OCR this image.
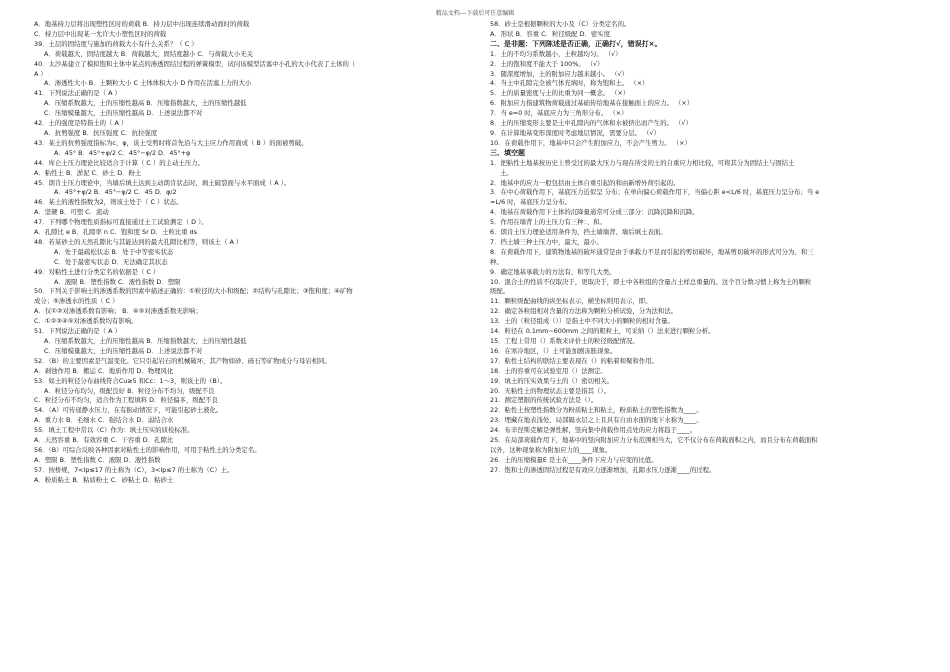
精品文档---下载后可任意编辑
A．地基持力层将出现塑性区时的荷载 B．持力层中出现连续滑动面时的荷载
C．持力层中出现某一允许大小塑性区时的荷载
39．土层的固结度与施加的荷载大小有什么关系？（ C ）
A．荷载越大，固结度越大 B．荷载越大，固结度越小 C．与荷载大小无关
40．太沙基建立了模拟饱和土体中某点的渗透固结过程的弹簧模型，试问该模型活塞中小孔的大小代表了土体的（
A ）
A．渗透性大小 B．土颗粒大小 C 土体体积大小 D 作用在活塞上力的大小
41．下列说法正确的是（ A ）
A．压缩系数越大，土的压缩性越高 B．压缩指数越大，土的压缩性越低
C．压缩模量越大，土的压缩性越高 D．上述说法都不对
42．土的强度是特指土的（ A ）
A．抗剪强度 B．抗压强度 C．抗拉强度
43．某土的抗剪强度指标为c、φ，该土受剪时将首先沿与大主应力作用面成（ B ）的面被剪破。
A．45° B．45°+φ/2 C．45°−φ/2 D．45°+φ
44．库仑土压力理论比较适合于计算（ C ）的主动土压力。
A．粘性土 B．淤泥 C．砂土 D．粉土
45．朗肯土压力理论中，当墙后填土达到主动朗肯状态时，填土破裂面与水平面成（ A ）。
A．45°+φ/2 B．45°−φ/2 C．45 D．φ/2
46．某土的液性指数为2，则该土处于（ C ）状态。
A．坚硬 B．可塑 C．流动
47．下列哪个物理性质指标可直接通过土工试验测定（ D ）。
A．孔隙比 e B．孔隙率 n C．饱和度 Sr D．土粒比重 ds
48．若某砂土的天然孔隙比与其能达到的最大孔隙比相等，则该土（ A ）
A．处于最疏松状态 B．处于中等密实状态
C．处于最密实状态 D．无法确定其状态
49．对粘性土进行分类定名的依据是（ C ）
A．液限 B．塑性指数 C．液性指数 D．塑限
50．下列关于影响土的渗透系数的因素中描述正确的：①粒径的大小和级配；②结构与孔隙比；③饱和度；④矿物
成分；⑤渗透水的性质（ C ）
A．仅①②对渗透系数有影响； B．④⑤对渗透系数无影响；
C．①②③④⑤对渗透系数均有影响。
51．下列说法正确的是（ A ）
A．压缩系数越大，土的压缩性越高 B．压缩指数越大，土的压缩性越低
C．压缩模量越大，土的压缩性越高 D．上述说法都不对
52．（B）的主要因素是气温变化。它只引起岩石的机械破坏，其产物如砂、砾石等矿物成分与母岩相同。
A．剥蚀作用 B．搬运 C．地质作用 D．物理风化
53．如土的粒径分布曲线符合Cu≥5 和Cc：1～3，则该土的（B）。
A．粒径分布均匀，级配良好 B．粒径分布不均匀，级配不良
C．粒径分布不均匀，适合作为工程填料 D．粒径偏多，级配不良
54．（A）可传递静水压力，在有振动情况下，可能引起砂土液化。
A．重力水 B．毛细水 C．强结合水 D．弱结合水
55．填土工程中常以（C）作为：填土压实的质检标准。
A．天然容重 B．有效容重 C．干容重 D．孔隙比
56．（B）可综合反映各种因素对粘性土的影响作用，可用于粘性土的分类定名。
A．塑限 B．塑性指数 C．液限 D．液性指数
57．按桥规，7<Ip≤17 的土称为（C），3<Ip≤7 的土称为（C）土。
A．粉质粘土 B．粘质粉土 C．砂粘土 D．粘砂土
58．砂土是根据颗粒的大小及（C）分类定名的。
A．形状 B．容重 C．粒径级配 D．密实度
二、是非题：下列陈述是否正确，正确打√，错误打×。
1．土的不均匀系数越小，土粒越均匀。 （√）
2．土的饱和度不能大于 100%。 （√）
3．随深度增加，土的附加应力越来越小。 （√）
4．当土中孔隙完全被气体充填时，称为饱和土。 （×）
5．土的质量密度与土的比重为同一概念。 （×）
6．附加应力指建筑物荷载通过基础传给地基在接触面上的应力。 （×）
7．当 e=0 时，基底应力为三角形分布。 （×）
8．土的压缩变形主要是土中孔隙内的气体和水被挤出而产生的。 （√）
9．在计算地基变形深度时考虑地层情况，需要分层。 （√）
10．在荷载作用下，地基中只会产生附加应力，不会产生剪力。 （×）
三、填空题
1．把粘性土地基按历史上曾受过的最大压力与现在所受的土的自重应力相比较，可将其分为固结土与固结土
土。
2．地基中的应力一般包括由土体自重引起的和由新增外荷引起的。
3．在中心荷载作用下，基底压力近似呈 分布；在单向偏心荷载作用下，当偏心距 e<L/6 时，基底压力呈分布；当 e
=L/6 时，基底压力呈分布。
4．地基在荷载作用下土体的沉降量通常可分成三部分：沉降沉降和沉降。
5．作用在墙背上的土压力有三种：、和。
6．朗肯土压力理论适用条件为，挡土墙墙背、墙后填土表面。
7．挡土墙三种土压力中，最大，最小。
8．在荷载作用下，建筑物地基的破坏通常是由于承载力不足而引起的剪切破坏，地基剪切破坏的形式可分为、和三
种。
9．确定地基承载力的方法有、和等几大类。
10．混合土的性质不仅取决于，更取决于，即土中各粒组的含量占土样总重量的。这个百分数习惯上称为土的颗粒
级配。
11．颗粒级配曲线的纵坐标表示，横坐标则用表示，即。
12．确定各粒组相对含量的方法称为颗粒分析试验，分为法和法。
13．土的（粒径组成（））是指土中不同大小的颗粒的相对含量。
14．粒径在 0.1mm~600mm 之间的粗粒土，可采纳（）法来进行颗粒分析。
15．工程上常用（）系数来评价土的粒径级配情况。
16．在寒冷地区，（）土可能加剧冻胀现象。
17．粘性土结构的联结主要表现在（）的粘着和聚和作用。
18．土的容重可在试验室用（）法测定。
19．填土的压实效果与土的（）密切相关。
20．无粘性土的物理状态主要是指其（）。
21．测定塑限的传统试验方法是（）。
22．粘性土按塑性指数分为粉质粘土和粘土，粉质粘土的塑性指数为____。
23．埋藏在地表浅处、局部隔水层之上且具有自由水面的地下水称为____。
24．布辛涅斯克解是弹性解，竖向集中荷载作用点处的应力将趋于____。
25．在局部荷载作用下，地基中的竖向附加应力分布范围相当大，它不仅分布在荷载面积之内，而且分布在荷载面积
以外，这种现象称为附加应力的____现象。
26．土的压缩模量E 是土在____条件下应力与应变的比值。
27．饱和土的渗透固结过程是有效应力逐渐增加，孔隙水压力逐渐____的过程。
